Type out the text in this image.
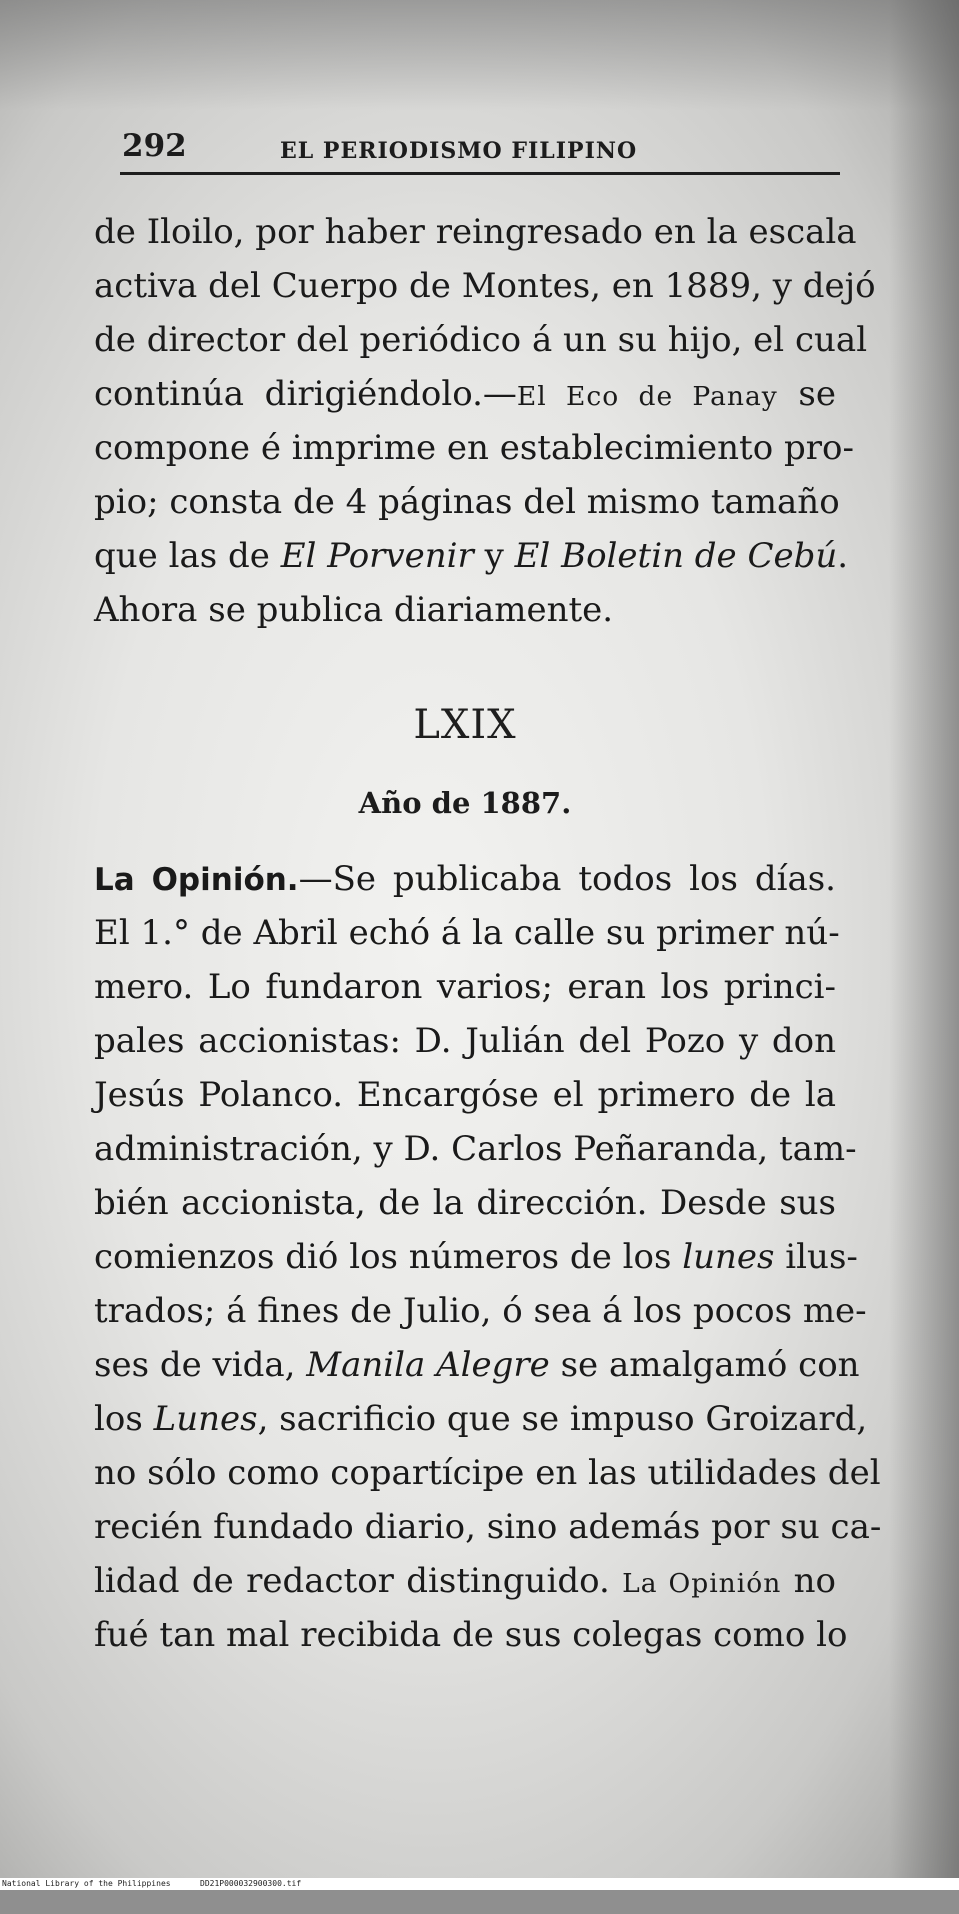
292	EL PERIODISMO FILIPINO
de Iloilo, por haber reingresado en la escala
activa del Cuerpo de Montes, en 1889, y dejó
de director del periódico á un su hijo, el cual
continúa dirigiéndolo.—El Eco de Panay se
compone é imprime en establecimiento pro-
pio; consta de 4 páginas del mismo tamaño
que las de El Porvenir y El Boletin de Cebú.
Ahora se publica diariamente.
LXIX
Año de 1887.
La Opinión.—Se publicaba todos los días.
El 1.° de Abril echó á la calle su primer nú-
mero. Lo fundaron varios; eran los princi-
pales accionistas: D. Julián del Pozo y don
Jesús Polanco. Encargóse el primero de la
administración, y D. Carlos Peñaranda, tam-
bién accionista, de la dirección. Desde sus
comienzos dió los números de los lunes ilus-
trados; á fines de Julio, ó sea á los pocos me-
ses de vida, Manila Alegre se amalgamó con
los Lunes, sacrificio que se impuso Groizard,
no sólo como copartícipe en las utilidades del
recién fundado diario, sino además por su ca-
lidad de redactor distinguido. La Opinión no
fué tan mal recibida de sus colegas como lo

National Library of the Philippines

	DD21P000032900300.tif
